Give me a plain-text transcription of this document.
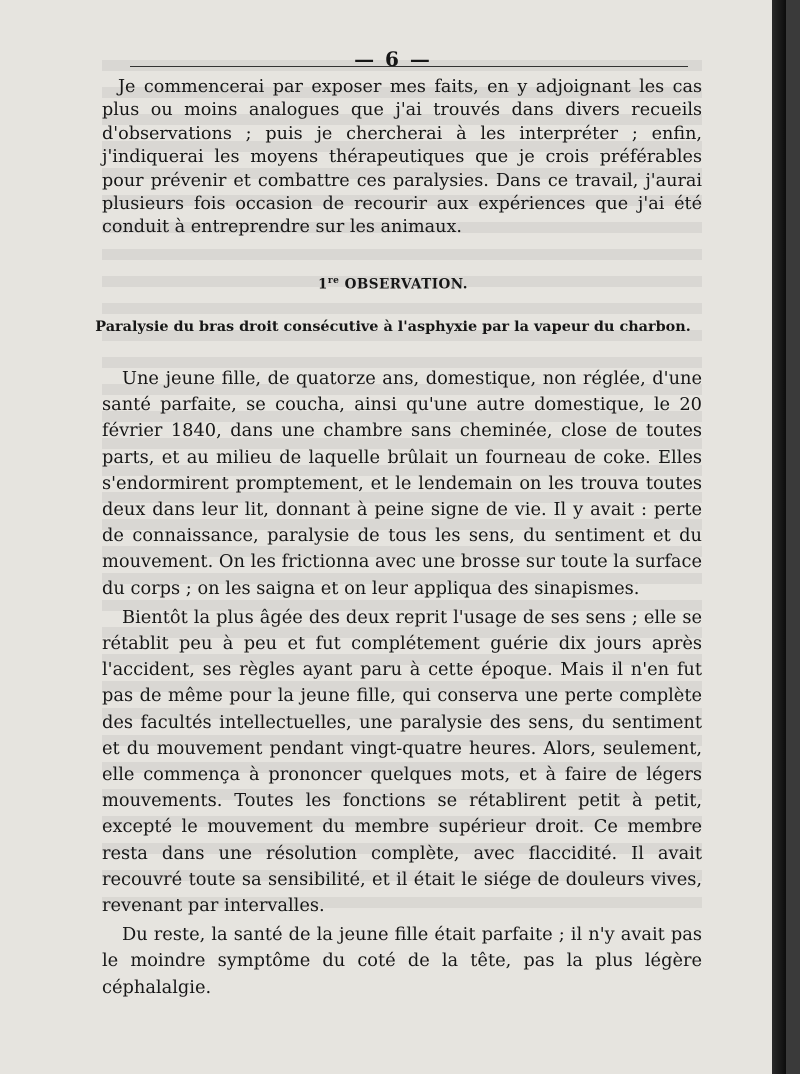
— 6 —

Je commencerai par exposer mes faits, en y adjoignant les cas plus ou moins analogues que j'ai trouvés dans divers recueils d'observations ; puis je chercherai à les interpréter ; enfin, j'indiquerai les moyens thérapeutiques que je crois préférables pour prévenir et combattre ces paralysies. Dans ce travail, j'aurai plusieurs fois occasion de recourir aux expériences que j'ai été conduit à entreprendre sur les animaux.

1re OBSERVATION.
Paralysie du bras droit consécutive à l'asphyxie par la vapeur du charbon.

Une jeune fille, de quatorze ans, domestique, non réglée, d'une santé parfaite, se coucha, ainsi qu'une autre domestique, le 20 février 1840, dans une chambre sans cheminée, close de toutes parts, et au milieu de laquelle brûlait un fourneau de coke. Elles s'endormirent promptement, et le lendemain on les trouva toutes deux dans leur lit, donnant à peine signe de vie. Il y avait : perte de connaissance, paralysie de tous les sens, du sentiment et du mouvement. On les frictionna avec une brosse sur toute la surface du corps ; on les saigna et on leur appliqua des sinapismes.

Bientôt la plus âgée des deux reprit l'usage de ses sens ; elle se rétablit peu à peu et fut complétement guérie dix jours après l'accident, ses règles ayant paru à cette époque. Mais il n'en fut pas de même pour la jeune fille, qui conserva une perte complète des facultés intellectuelles, une paralysie des sens, du sentiment et du mouvement pendant vingt-quatre heures. Alors, seulement, elle commença à prononcer quelques mots, et à faire de légers mouvements. Toutes les fonctions se rétablirent petit à petit, excepté le mouvement du membre supérieur droit. Ce membre resta dans une résolution complète, avec flaccidité. Il avait recouvré toute sa sensibilité, et il était le siége de douleurs vives, revenant par intervalles.

Du reste, la santé de la jeune fille était parfaite ; il n'y avait pas le moindre symptôme du coté de la tête, pas la plus légère céphalalgie.
